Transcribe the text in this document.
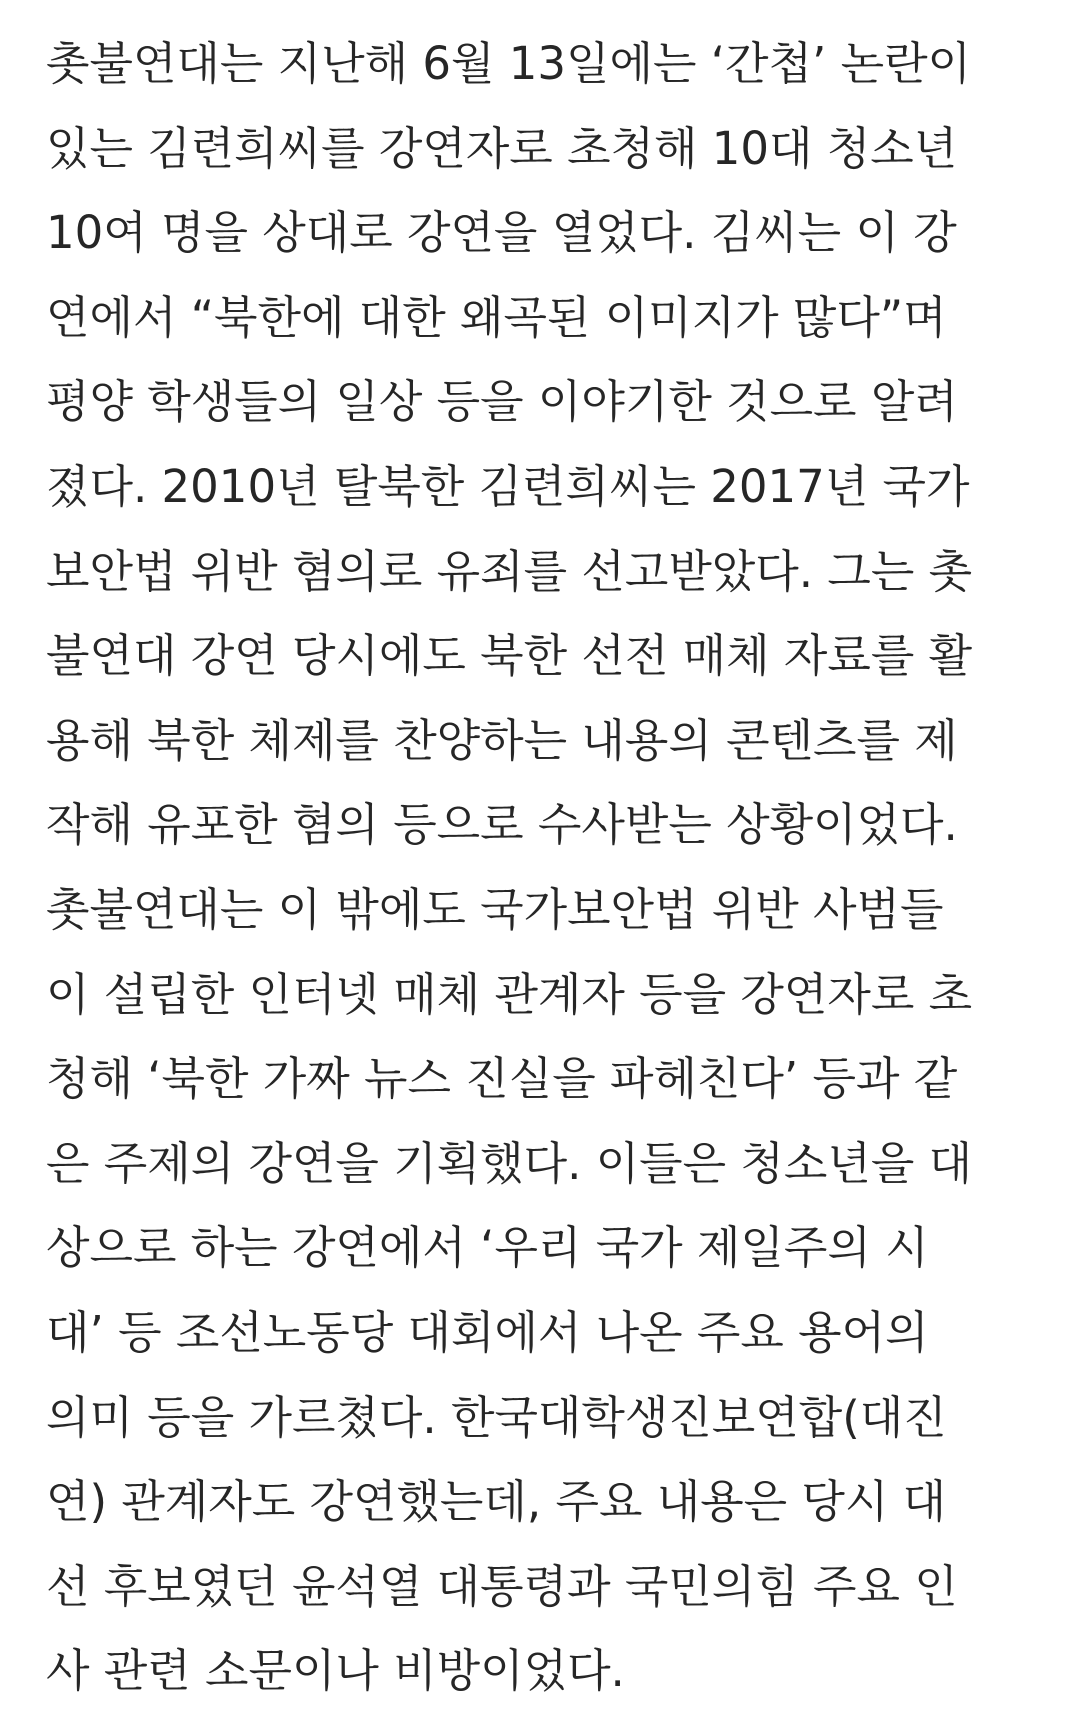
촛불연대는 지난해 6월 13일에는 ‘간첩’ 논란이
있는 김련희씨를 강연자로 초청해 10대 청소년
10여 명을 상대로 강연을 열었다. 김씨는 이 강
연에서 “북한에 대한 왜곡된 이미지가 많다”며
평양 학생들의 일상 등을 이야기한 것으로 알려
졌다. 2010년 탈북한 김련희씨는 2017년 국가
보안법 위반 혐의로 유죄를 선고받았다. 그는 촛
불연대 강연 당시에도 북한 선전 매체 자료를 활
용해 북한 체제를 찬양하는 내용의 콘텐츠를 제
작해 유포한 혐의 등으로 수사받는 상황이었다.
촛불연대는 이 밖에도 국가보안법 위반 사범들
이 설립한 인터넷 매체 관계자 등을 강연자로 초
청해 ‘북한 가짜 뉴스 진실을 파헤친다’ 등과 같
은 주제의 강연을 기획했다. 이들은 청소년을 대
상으로 하는 강연에서 ‘우리 국가 제일주의 시
대’ 등 조선노동당 대회에서 나온 주요 용어의
의미 등을 가르쳤다. 한국대학생진보연합(대진
연) 관계자도 강연했는데, 주요 내용은 당시 대
선 후보였던 윤석열 대통령과 국민의힘 주요 인
사 관련 소문이나 비방이었다.
